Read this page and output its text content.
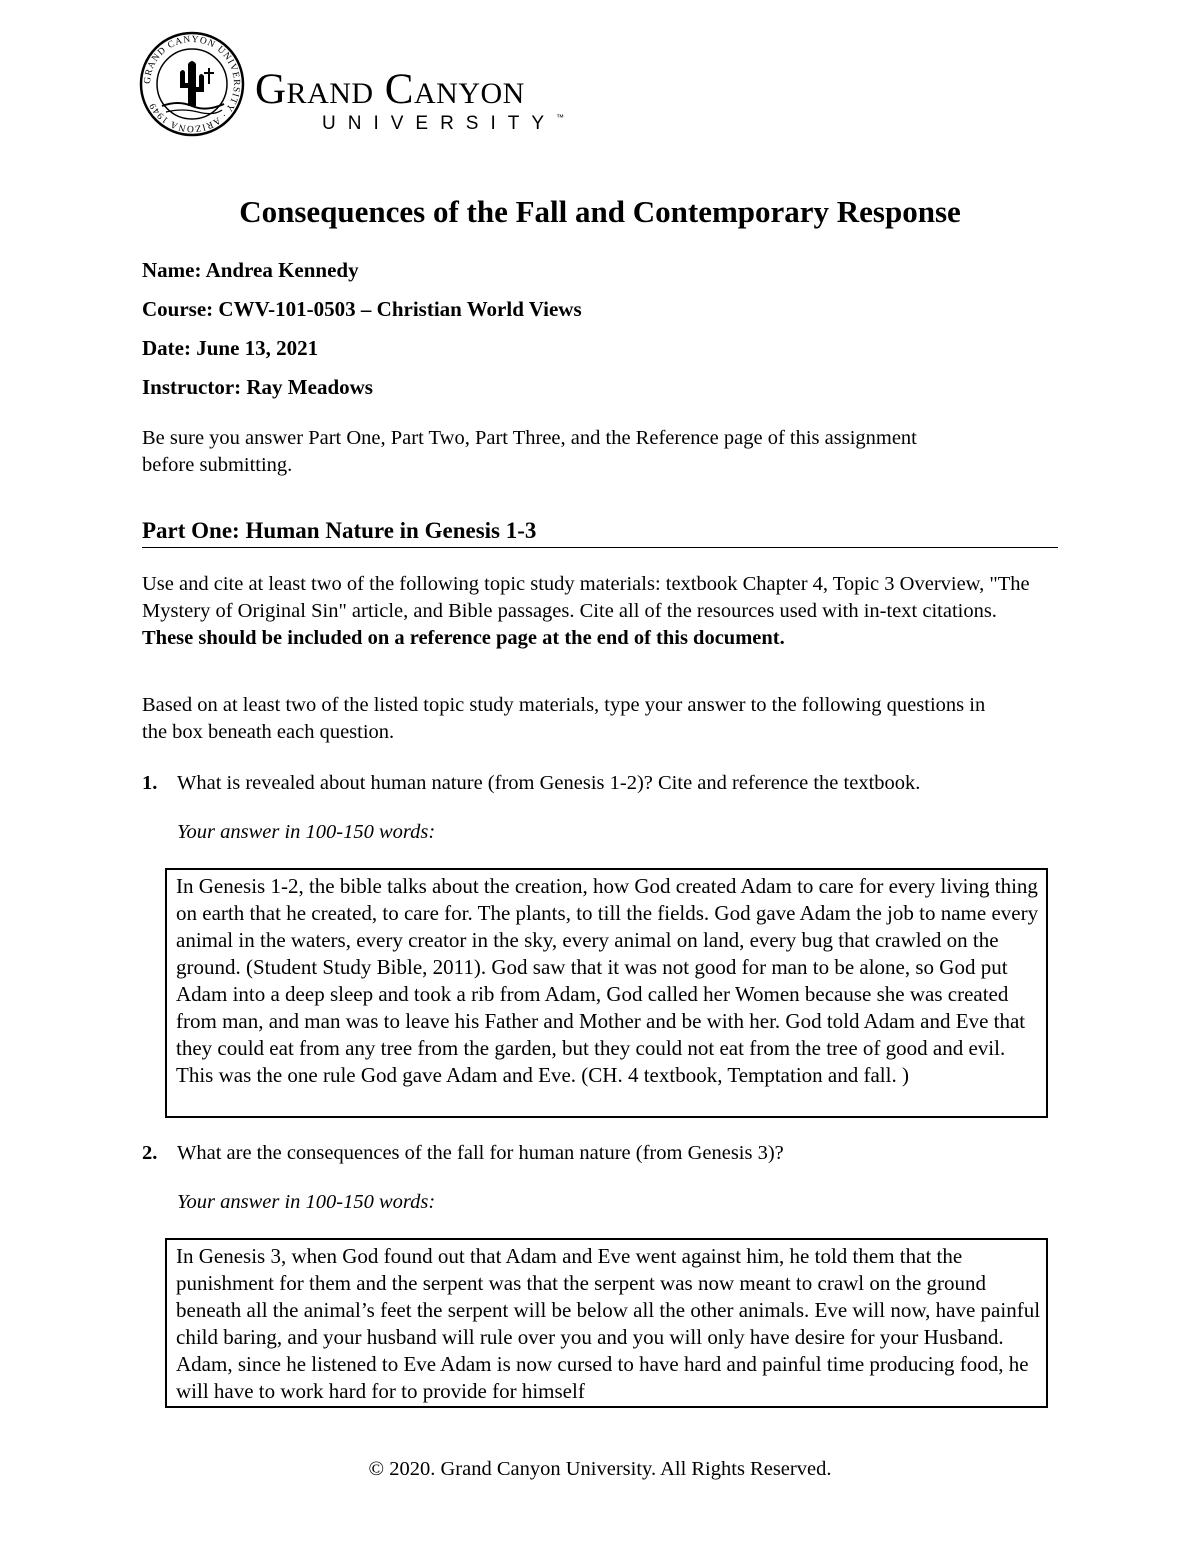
GRAND CANYON UNIVERSITY · ARIZONA 1949	Grand Canyon
UNIVERSITY™
Consequences of the Fall and Contemporary Response
Name: Andrea Kennedy
Course: CWV-101-0503 – Christian World Views
Date: June 13, 2021
Instructor: Ray Meadows
Be sure you answer Part One, Part Two, Part Three, and the Reference page of this assignment
before submitting.
Part One: Human Nature in Genesis 1-3

Use and cite at least two of the following topic study materials: textbook Chapter 4, Topic 3 Overview, "The Mystery of Original Sin" article, and Bible passages. Cite all of the resources used with in-text citations. These should be included on a reference page at the end of this document.

Based on at least two of the listed topic study materials, type your answer to the following questions in the box beneath each question.

1. What is revealed about human nature (from Genesis 1-2)? Cite and reference the textbook.
Your answer in 100-150 words:

In Genesis 1-2, the bible talks about the creation, how God created Adam to care for every living thing on earth that he created, to care for. The plants, to till the fields. God gave Adam the job to name every animal in the waters, every creator in the sky, every animal on land, every bug that crawled on the ground. (Student Study Bible, 2011). God saw that it was not good for man to be alone, so God put Adam into a deep sleep and took a rib from Adam, God called her Women because she was created from man, and man was to leave his Father and Mother and be with her. God told Adam and Eve that they could eat from any tree from the garden, but they could not eat from the tree of good and evil. This was the one rule God gave Adam and Eve. (CH. 4 textbook, Temptation and fall. )

2. What are the consequences of the fall for human nature (from Genesis 3)?
Your answer in 100-150 words:

In Genesis 3, when God found out that Adam and Eve went against him, he told them that the punishment for them and the serpent was that the serpent was now meant to crawl on the ground beneath all the animal’s feet the serpent will be below all the other animals. Eve will now, have painful child baring, and your husband will rule over you and you will only have desire for your Husband. Adam, since he listened to Eve Adam is now cursed to have hard and painful time producing food, he will have to work hard for to provide for himself

© 2020. Grand Canyon University. All Rights Reserved.
